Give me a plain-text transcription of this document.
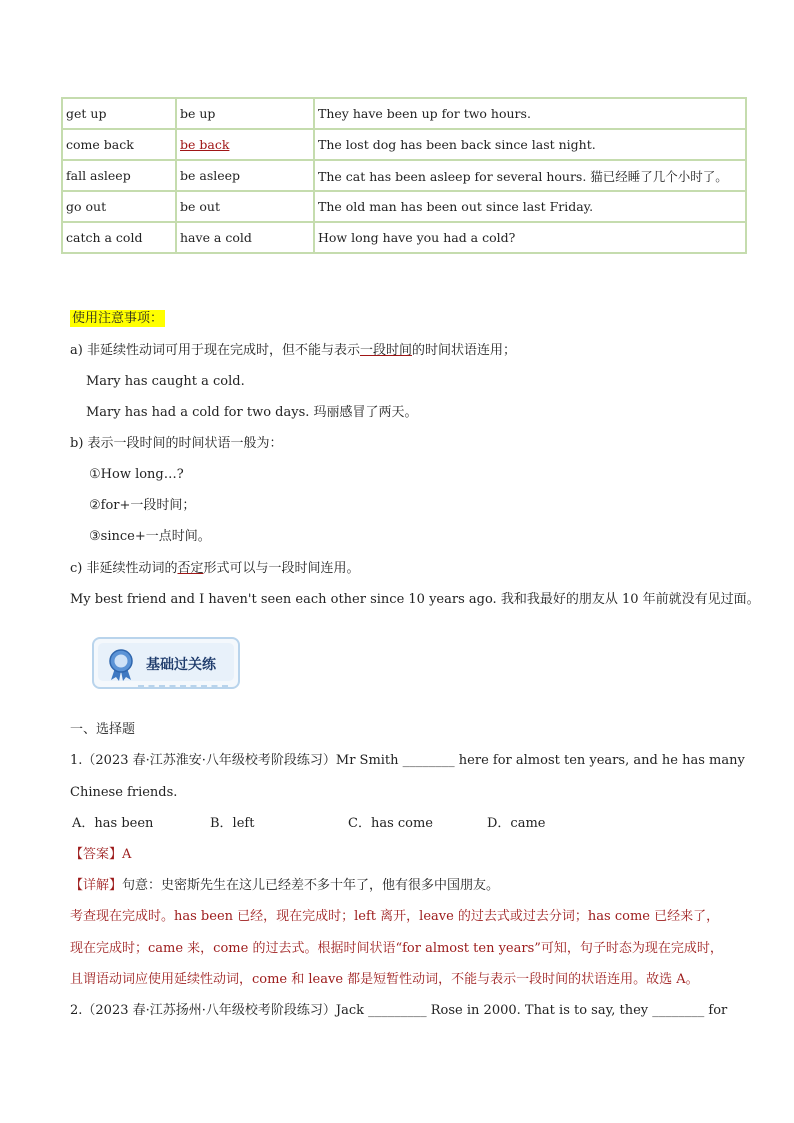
get up	be up	They have been up for two hours.
come back	be back	The lost dog has been back since last night.
fall asleep	be asleep	The cat has been asleep for several hours. 猫已经睡了几个小时了。
go out	be out	The old man has been out since last Friday.
catch a cold	have a cold	How long have you had a cold?
使用注意事项：
a) 非延续性动词可用于现在完成时，但不能与表示一段时间的时间状语连用；
Mary has caught a cold.
Mary has had a cold for two days. 玛丽感冒了两天。
b) 表示一段时间的时间状语一般为：
①How long…?
②for+一段时间；
③since+一点时间。
c) 非延续性动词的否定形式可以与一段时间连用。
My best friend and I haven't seen each other since 10 years ago. 我和我最好的朋友从 10 年前就没有见过面。
基础过关练
一、选择题
1.（2023 春·江苏淮安·八年级校考阶段练习）Mr Smith ________ here for almost ten years, and he has many
Chinese friends.
A．has been	B．left	C．has come	D．came
【答案】A
【详解】句意：史密斯先生在这儿已经差不多十年了，他有很多中国朋友。
考查现在完成时。has been 已经，现在完成时；left 离开，leave 的过去式或过去分词；has come 已经来了，
现在完成时；came 来，come 的过去式。根据时间状语“for almost ten years”可知，句子时态为现在完成时，
且谓语动词应使用延续性动词，come 和 leave 都是短暂性动词，不能与表示一段时间的状语连用。故选 A。
2.（2023 春·江苏扬州·八年级校考阶段练习）Jack _________ Rose in 2000. That is to say, they ________ for
